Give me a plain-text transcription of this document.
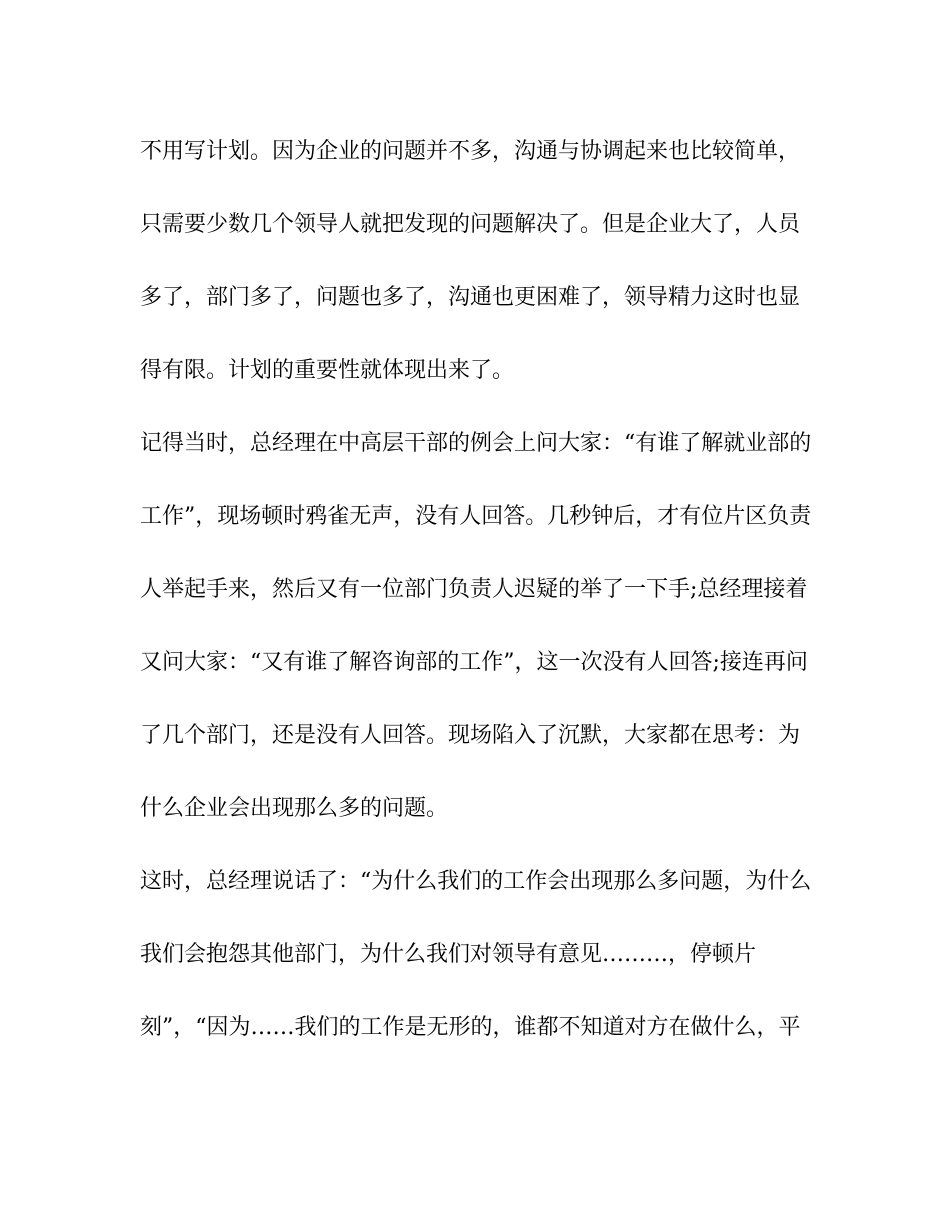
不用写计划。因为企业的问题并不多，沟通与协调起来也比较简单，
只需要少数几个领导人就把发现的问题解决了。但是企业大了，人员
多了，部门多了，问题也多了，沟通也更困难了，领导精力这时也显
得有限。计划的重要性就体现出来了。
记得当时，总经理在中高层干部的例会上问大家：“有谁了解就业部的
工作”，现场顿时鸦雀无声，没有人回答。几秒钟后，才有位片区负责
人举起手来，然后又有一位部门负责人迟疑的举了一下手;总经理接着
又问大家：“又有谁了解咨询部的工作”，这一次没有人回答;接连再问
了几个部门，还是没有人回答。现场陷入了沉默，大家都在思考：为
什么企业会出现那么多的问题。
这时，总经理说话了：“为什么我们的工作会出现那么多问题，为什么
我们会抱怨其他部门，为什么我们对领导有意见………，停顿片
刻”，“因为……我们的工作是无形的，谁都不知道对方在做什么，平
